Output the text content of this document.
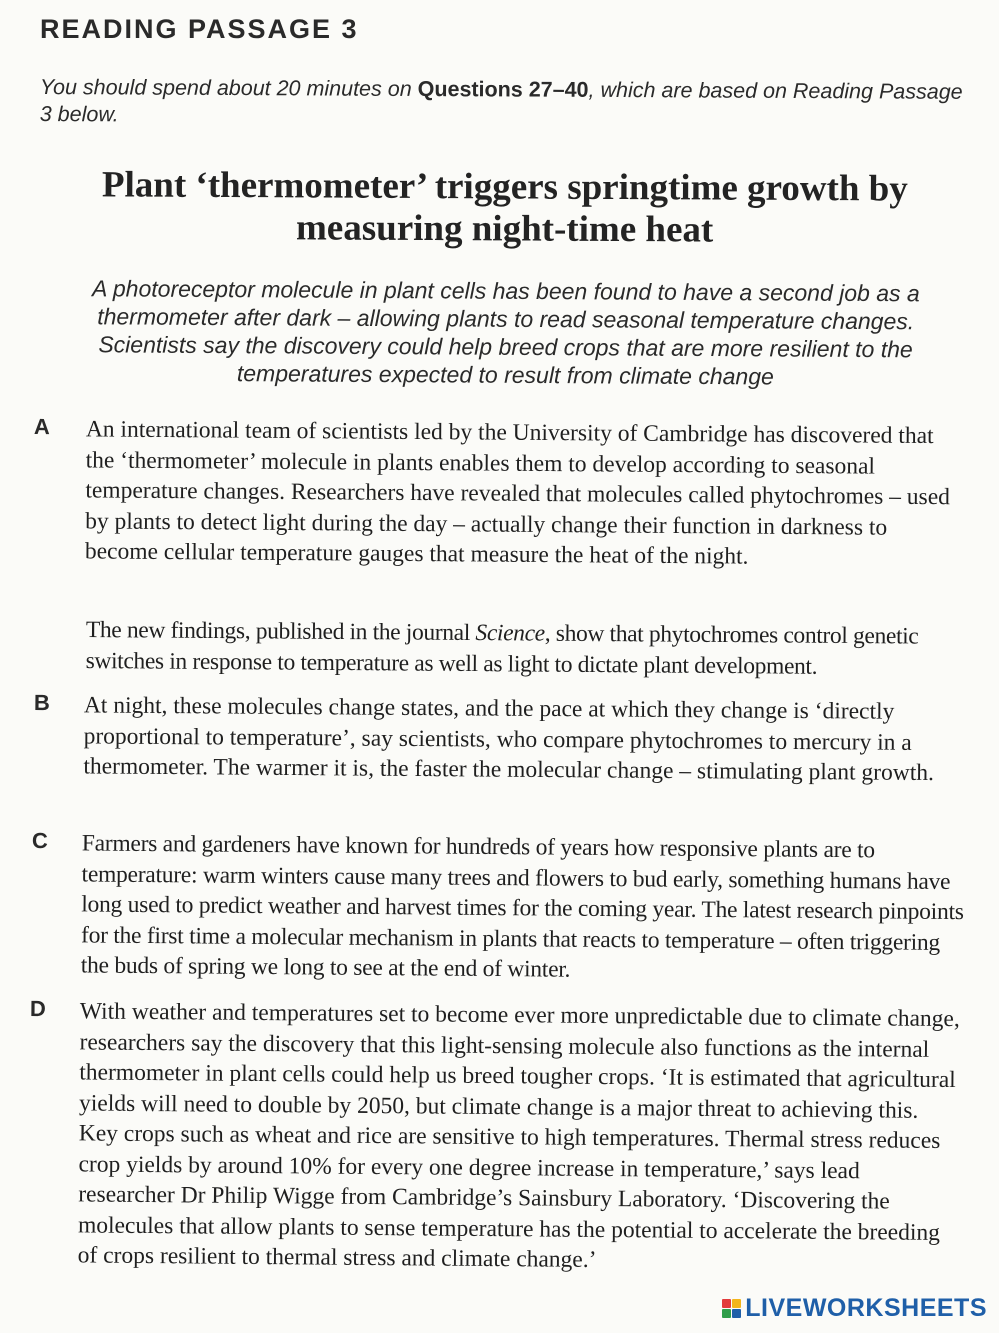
READING PASSAGE 3
You should spend about 20 minutes on Questions 27–40, which are based on Reading Passage 3 below.
Plant ‘thermometer’ triggers springtime growth by measuring night-time heat
A photoreceptor molecule in plant cells has been found to have a second job as a thermometer after dark – allowing plants to read seasonal temperature changes. Scientists say the discovery could help breed crops that are more resilient to the temperatures expected to result from climate change
A An international team of scientists led by the University of Cambridge has discovered that the ‘thermometer’ molecule in plants enables them to develop according to seasonal temperature changes. Researchers have revealed that molecules called phytochromes – used by plants to detect light during the day – actually change their function in darkness to become cellular temperature gauges that measure the heat of the night.
The new findings, published in the journal Science, show that phytochromes control genetic switches in response to temperature as well as light to dictate plant development.
B At night, these molecules change states, and the pace at which they change is ‘directly proportional to temperature’, say scientists, who compare phytochromes to mercury in a thermometer. The warmer it is, the faster the molecular change – stimulating plant growth.
C Farmers and gardeners have known for hundreds of years how responsive plants are to temperature: warm winters cause many trees and flowers to bud early, something humans have long used to predict weather and harvest times for the coming year. The latest research pinpoints for the first time a molecular mechanism in plants that reacts to temperature – often triggering the buds of spring we long to see at the end of winter.
D With weather and temperatures set to become ever more unpredictable due to climate change, researchers say the discovery that this light-sensing molecule also functions as the internal thermometer in plant cells could help us breed tougher crops. ‘It is estimated that agricultural yields will need to double by 2050, but climate change is a major threat to achieving this. Key crops such as wheat and rice are sensitive to high temperatures. Thermal stress reduces crop yields by around 10% for every one degree increase in temperature,’ says lead researcher Dr Philip Wigge from Cambridge’s Sainsbury Laboratory. ‘Discovering the molecules that allow plants to sense temperature has the potential to accelerate the breeding of crops resilient to thermal stress and climate change.’
LIVEWORKSHEETS
